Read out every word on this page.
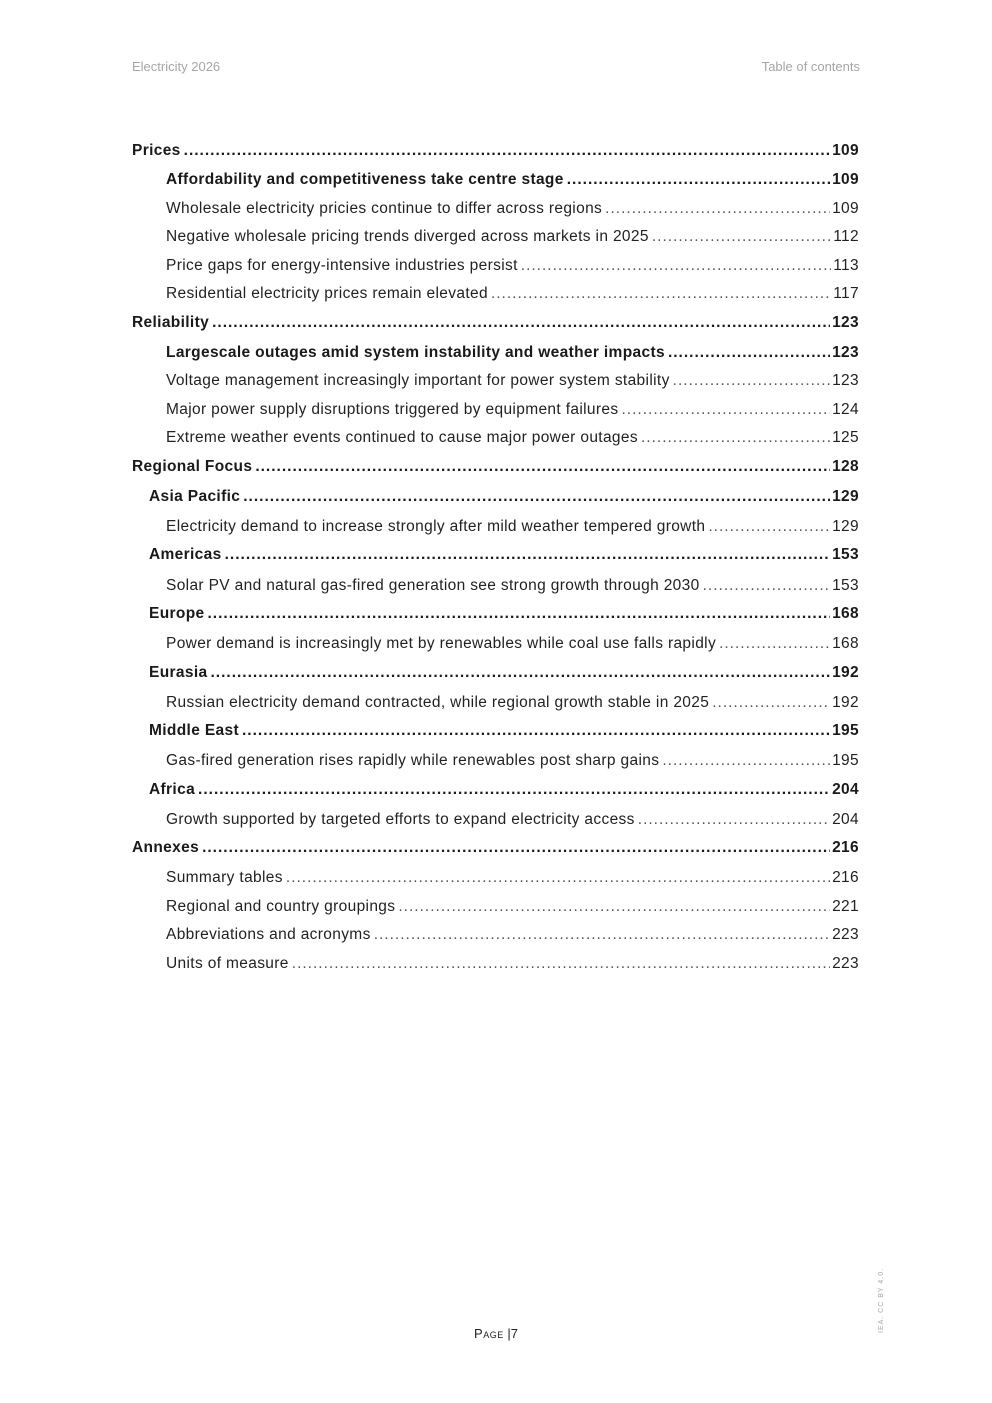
Electricity 2026	Table of contents
Prices .....	109
Affordability and competitiveness take centre stage .....	109
Wholesale electricity pricies continue to differ across regions .....	109
Negative wholesale pricing trends diverged across markets in 2025 .....	112
Price gaps for energy-intensive industries persist .....	113
Residential electricity prices remain elevated .....	117
Reliability .....	123
Largescale outages amid system instability and weather impacts .....	123
Voltage management increasingly important for power system stability .....	123
Major power supply disruptions triggered by equipment failures .....	124
Extreme weather events continued to cause major power outages .....	125
Regional Focus .....	128
Asia Pacific .....	129
Electricity demand to increase strongly after mild weather tempered growth .....	129
Americas .....	153
Solar PV and natural gas-fired generation see strong growth through 2030 .....	153
Europe .....	168
Power demand is increasingly met by renewables while coal use falls rapidly .....	168
Eurasia .....	192
Russian electricity demand contracted, while regional growth stable in 2025 .....	192
Middle East .....	195
Gas-fired generation rises rapidly while renewables post sharp gains .....	195
Africa .....	204
Growth supported by targeted efforts to expand electricity access .....	204
Annexes .....	216
Summary tables .....	216
Regional and country groupings .....	221
Abbreviations and acronyms .....	223
Units of measure .....	223
Page |7
IEA. CC BY 4.0.
